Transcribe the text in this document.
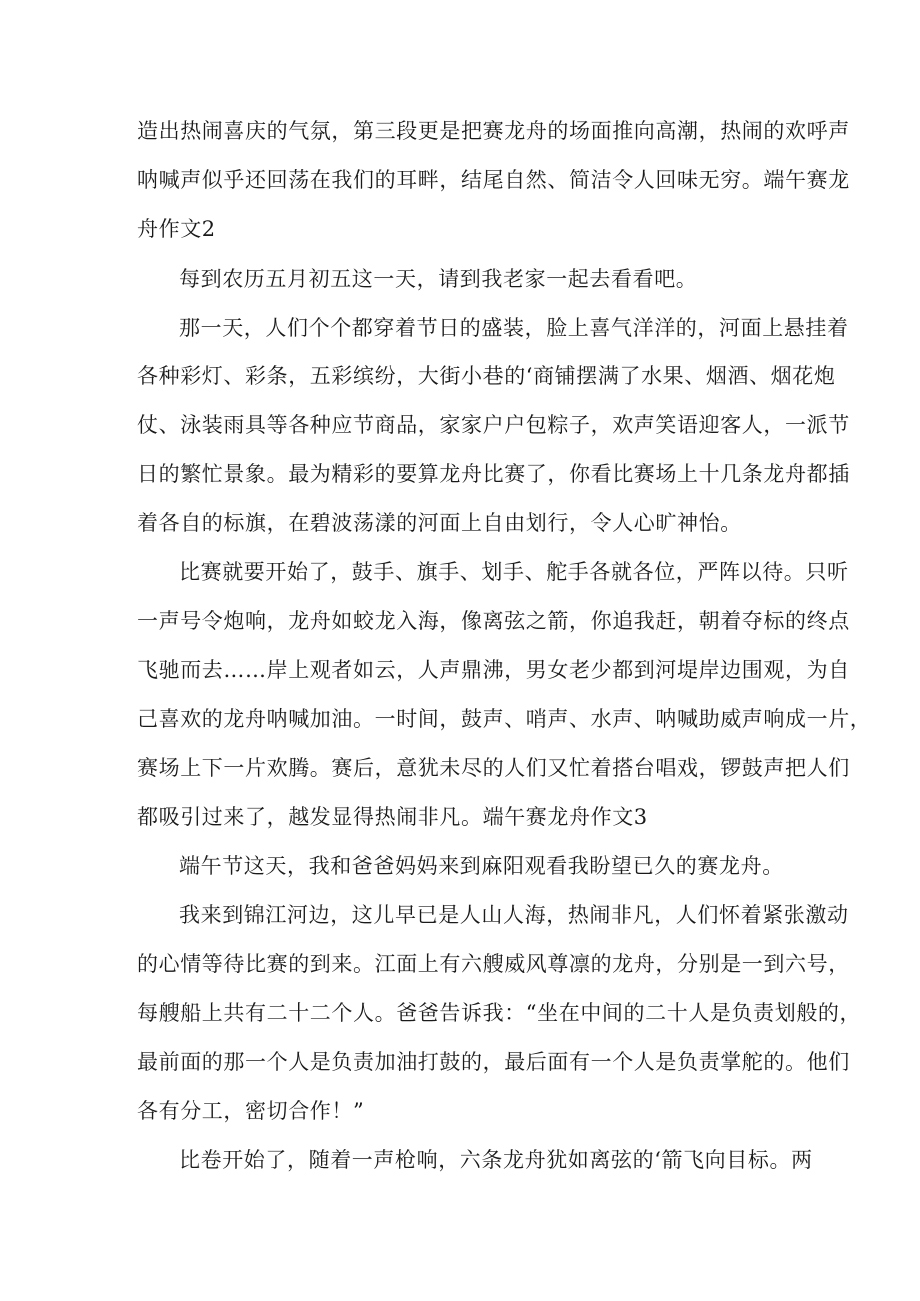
造出热闹喜庆的气氛，第三段更是把赛龙舟的场面推向高潮，热闹的欢呼声
呐喊声似乎还回荡在我们的耳畔，结尾自然、简洁令人回味无穷。端午赛龙
舟作文2
每到农历五月初五这一天，请到我老家一起去看看吧。
那一天，人们个个都穿着节日的盛装，脸上喜气洋洋的，河面上悬挂着
各种彩灯、彩条，五彩缤纷，大街小巷的‘商铺摆满了水果、烟酒、烟花炮
仗、泳装雨具等各种应节商品，家家户户包粽子，欢声笑语迎客人，一派节
日的繁忙景象。最为精彩的要算龙舟比赛了，你看比赛场上十几条龙舟都插
着各自的标旗，在碧波荡漾的河面上自由划行，令人心旷神怡。
比赛就要开始了，鼓手、旗手、划手、舵手各就各位，严阵以待。只听
一声号令炮响，龙舟如蛟龙入海，像离弦之箭，你追我赶，朝着夺标的终点
飞驰而去……岸上观者如云，人声鼎沸，男女老少都到河堤岸边围观，为自
己喜欢的龙舟呐喊加油。一时间，鼓声、哨声、水声、呐喊助威声响成一片，
赛场上下一片欢腾。赛后，意犹未尽的人们又忙着搭台唱戏，锣鼓声把人们
都吸引过来了，越发显得热闹非凡。端午赛龙舟作文3
端午节这天，我和爸爸妈妈来到麻阳观看我盼望已久的赛龙舟。
我来到锦江河边，这儿早已是人山人海，热闹非凡，人们怀着紧张激动
的心情等待比赛的到来。江面上有六艘威风尊凛的龙舟，分别是一到六号，
每艘船上共有二十二个人。爸爸告诉我：“坐在中间的二十人是负责划般的，
最前面的那一个人是负责加油打鼓的，最后面有一个人是负责掌舵的。他们
各有分工，密切合作！”
比卷开始了，随着一声枪响，六条龙舟犹如离弦的‘箭飞向目标。两
